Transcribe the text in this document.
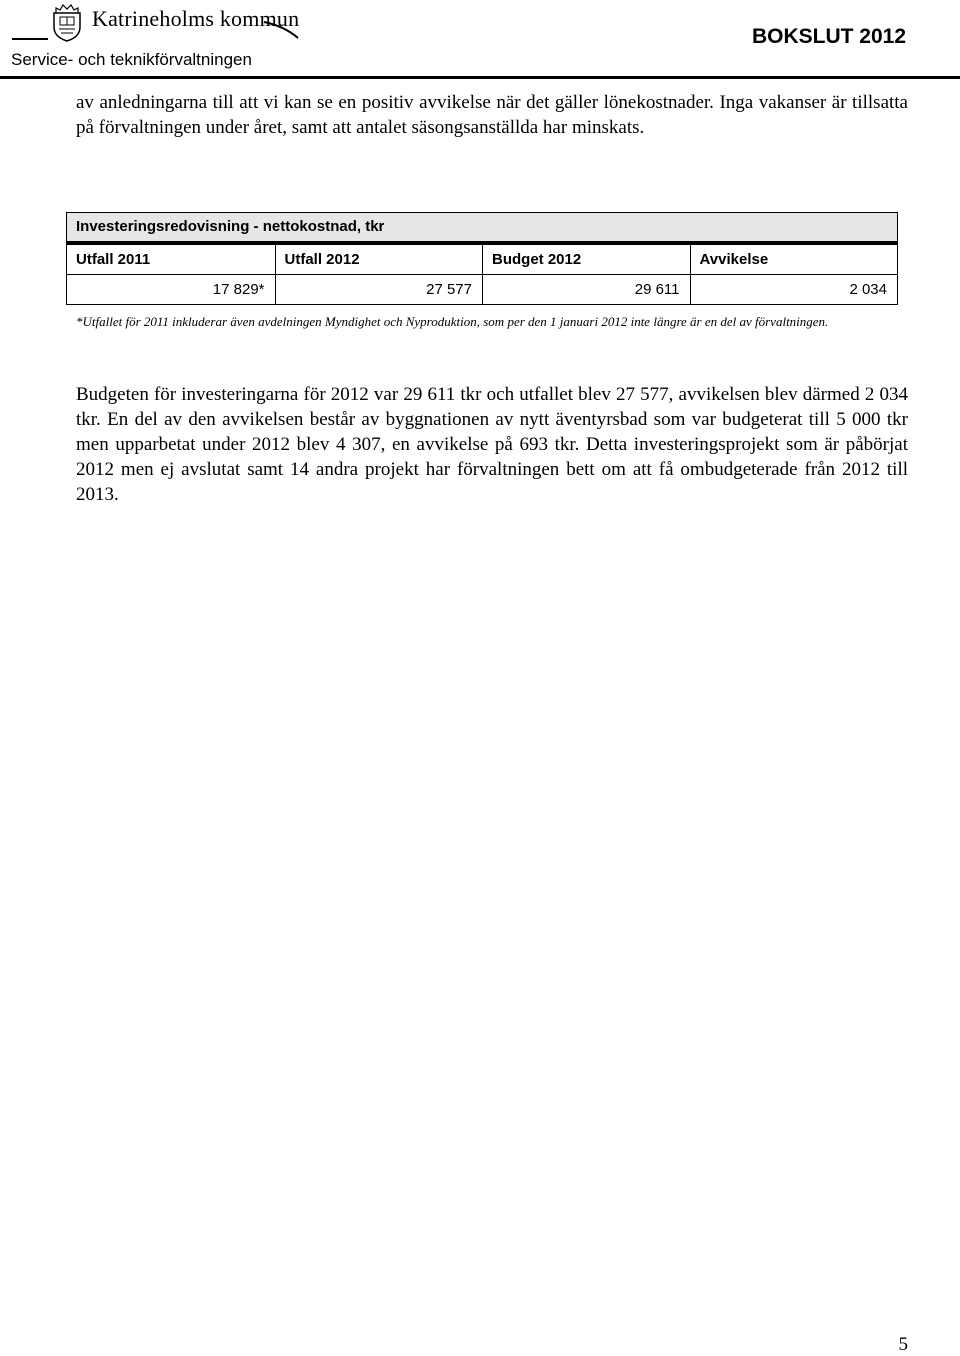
Katrineholms kommun
Service- och teknikförvaltningen
BOKSLUT 2012
av anledningarna till att vi kan se en positiv avvikelse när det gäller lönekostnader. Inga vakanser är tillsatta på förvaltningen under året, samt att antalet säsongsanställda har minskats.
Investeringsredovisning - nettokostnad, tkr
Utfall 2011	Utfall 2012	Budget 2012	Avvikelse
17 829*	27 577	29 611	2 034
*Utfallet för 2011 inkluderar även avdelningen Myndighet och Nyproduktion, som per den 1 januari 2012 inte längre är en del av förvaltningen.
Budgeten för investeringarna för 2012 var 29 611 tkr och utfallet blev 27 577, avvikelsen blev därmed 2 034 tkr. En del av den avvikelsen består av byggnationen av nytt äventyrsbad som var budgeterat till 5 000 tkr men upparbetat under 2012 blev 4 307, en avvikelse på 693 tkr. Detta investeringsprojekt som är påbörjat 2012 men ej avslutat samt 14 andra projekt har förvaltningen bett om att få ombudgeterade från 2012 till 2013.
5
